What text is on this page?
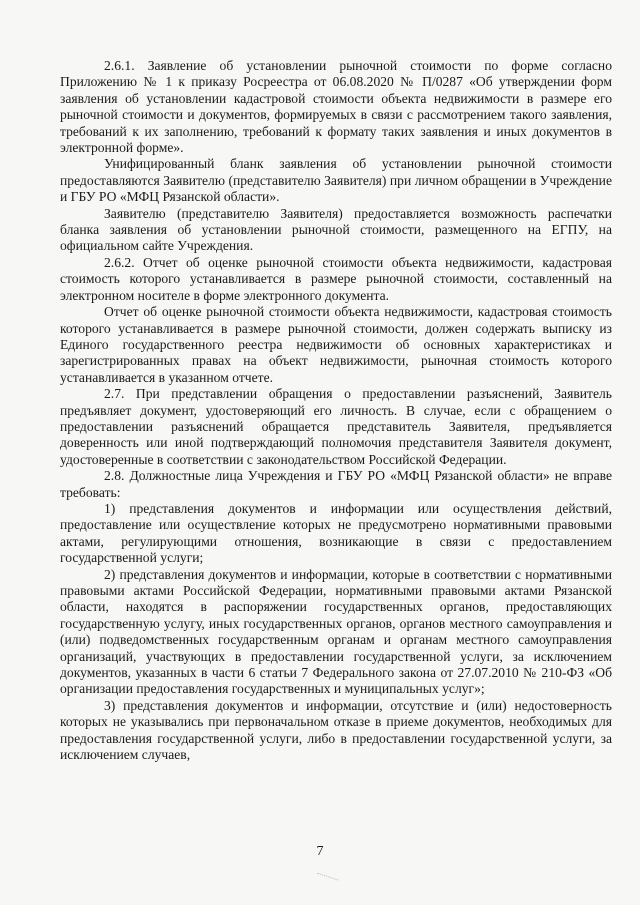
2.6.1. Заявление об установлении рыночной стоимости по форме согласно Приложению № 1 к приказу Росреестра от 06.08.2020 № П/0287 «Об утверждении форм заявления об установлении кадастровой стоимости объекта недвижимости в размере его рыночной стоимости и документов, формируемых в связи с рассмотрением такого заявления, требований к их заполнению, требований к формату таких заявления и иных документов в электронной форме».

Унифицированный бланк заявления об установлении рыночной стоимости предоставляются Заявителю (представителю Заявителя) при личном обращении в Учреждение и ГБУ РО «МФЦ Рязанской области».

Заявителю (представителю Заявителя) предоставляется возможность распечатки бланка заявления об установлении рыночной стоимости, размещенного на ЕГПУ, на официальном сайте Учреждения.

2.6.2. Отчет об оценке рыночной стоимости объекта недвижимости, кадастровая стоимость которого устанавливается в размере рыночной стоимости, составленный на электронном носителе в форме электронного документа.

Отчет об оценке рыночной стоимости объекта недвижимости, кадастровая стоимость которого устанавливается в размере рыночной стоимости, должен содержать выписку из Единого государственного реестра недвижимости об основных характеристиках и зарегистрированных правах на объект недвижимости, рыночная стоимость которого устанавливается в указанном отчете.

2.7. При представлении обращения о предоставлении разъяснений, Заявитель предъявляет документ, удостоверяющий его личность. В случае, если с обращением о предоставлении разъяснений обращается представитель Заявителя, предъявляется доверенность или иной подтверждающий полномочия представителя Заявителя документ, удостоверенные в соответствии с законодательством Российской Федерации.

2.8. Должностные лица Учреждения и ГБУ РО «МФЦ Рязанской области» не вправе требовать:

1) представления документов и информации или осуществления действий, предоставление или осуществление которых не предусмотрено нормативными правовыми актами, регулирующими отношения, возникающие в связи с предоставлением государственной услуги;

2) представления документов и информации, которые в соответствии с нормативными правовыми актами Российской Федерации, нормативными правовыми актами Рязанской области, находятся в распоряжении государственных органов, предоставляющих государственную услугу, иных государственных органов, органов местного самоуправления и (или) подведомственных государственным органам и органам местного самоуправления организаций, участвующих в предоставлении государственной услуги, за исключением документов, указанных в части 6 статьи 7 Федерального закона от 27.07.2010 № 210-ФЗ «Об организации предоставления государственных и муниципальных услуг»;

3) представления документов и информации, отсутствие и (или) недостоверность которых не указывались при первоначальном отказе в приеме документов, необходимых для предоставления государственной услуги, либо в предоставлении государственной услуги, за исключением случаев,

7
